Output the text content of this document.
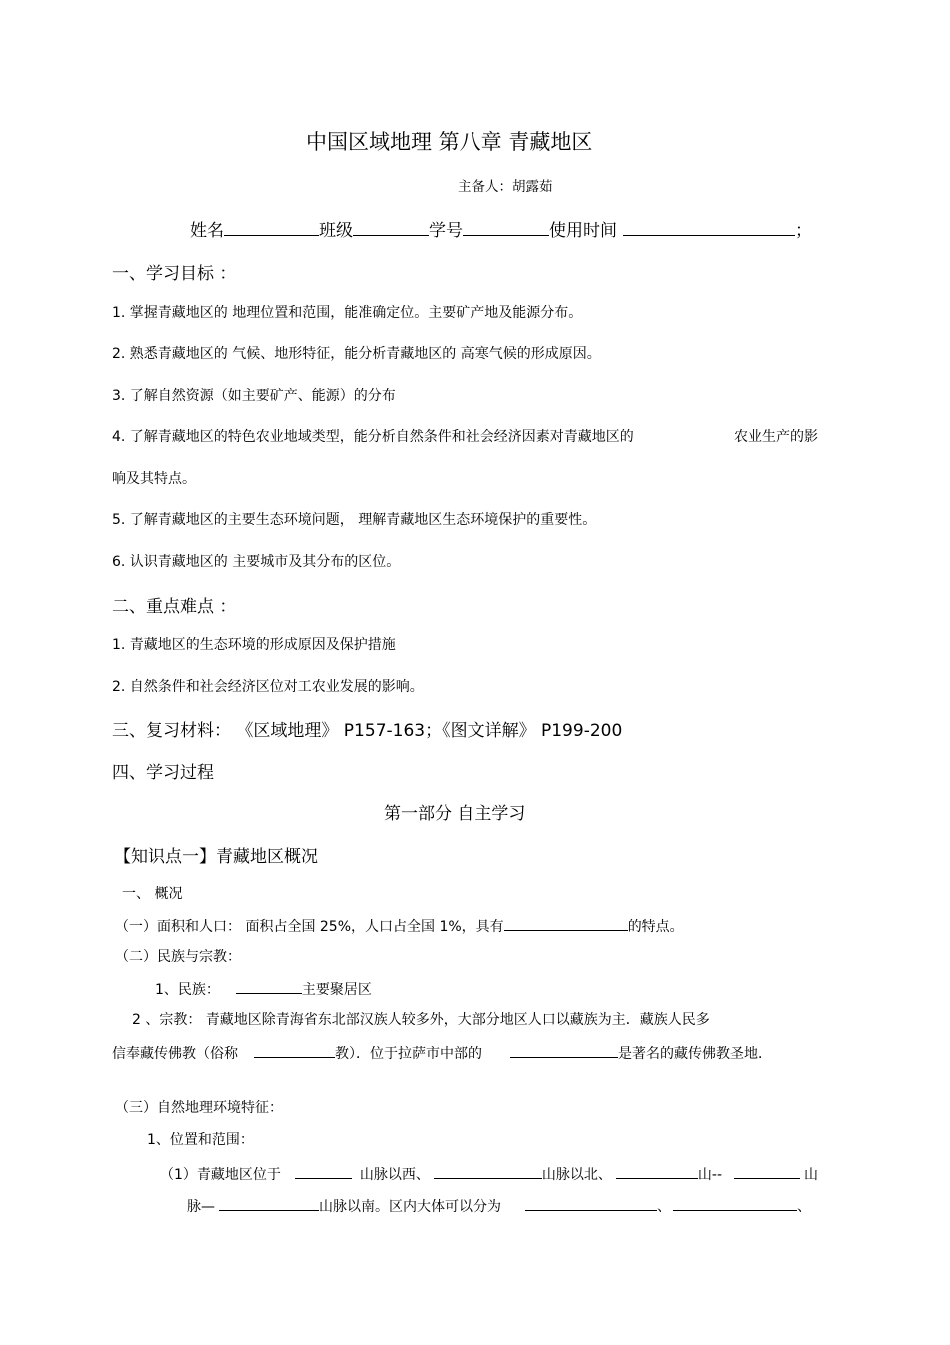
中国区域地理 第八章 青藏地区
主备人：胡露茹
姓名	班级	学号	使用时间	；
一、学习目标 ：
1. 掌握青藏地区的 地理位置和范围，能准确定位。主要矿产地及能源分布。
2. 熟悉青藏地区的 气候、地形特征，能分析青藏地区的 高寒气候的形成原因。
3. 了解自然资源（如主要矿产、能源）的分布
4. 了解青藏地区的特色农业地域类型，能分析自然条件和社会经济因素对青藏地区的	农业生产的影
响及其特点。
5. 了解青藏地区的主要生态环境问题， 理解青藏地区生态环境保护的重要性。
6. 认识青藏地区的 主要城市及其分布的区位。
二、重点难点 ：
1. 青藏地区的生态环境的形成原因及保护措施
2. 自然条件和社会经济区位对工农业发展的影响。
三、复习材料： 《区域地理》 P157-163；《图文详解》 P199-200
四、学习过程
第一部分 自主学习
【知识点一】青藏地区概况
一、 概况
（一）面积和人口： 面积占全国 25%，人口占全国 1%，具有	的特点。
（二）民族与宗教：
1、民族：	主要聚居区
2 、宗教： 青藏地区除青海省东北部汉族人较多外，大部分地区人口以藏族为主．藏族人民多
信奉藏传佛教（俗称	教）．位于拉萨市中部的	是著名的藏传佛教圣地．
（三）自然地理环境特征：
1、位置和范围：
（1）青藏地区位于	山脉以西、	山脉以北、	山--	山
脉—	山脉以南。区内大体可以分为	、	、
